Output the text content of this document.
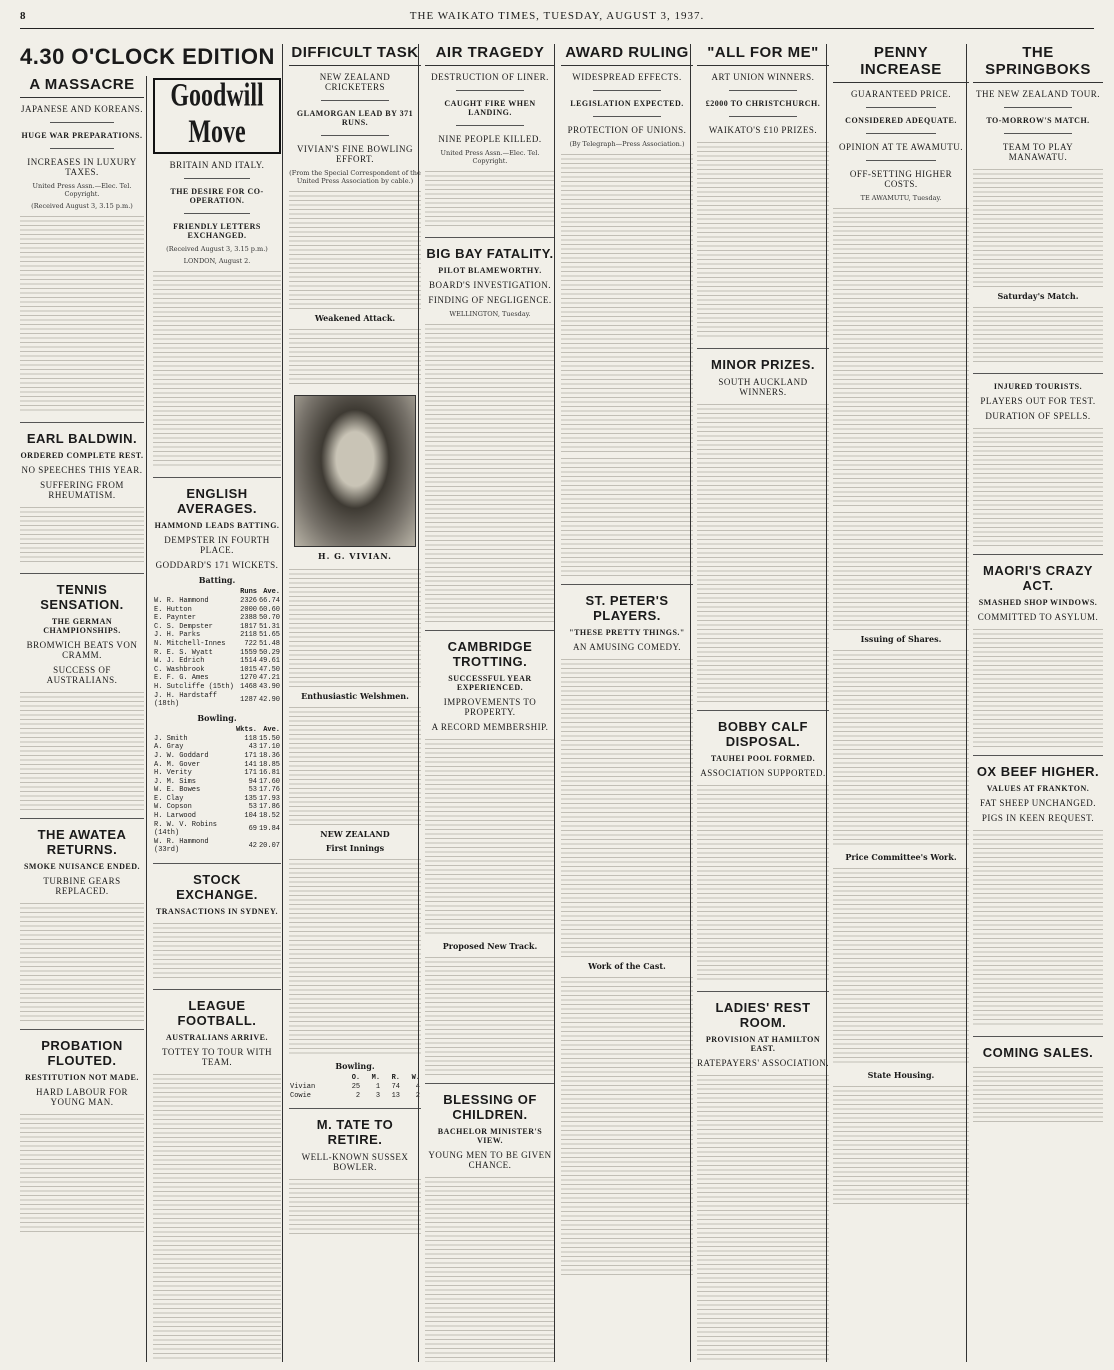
8	THE WAIKATO TIMES, TUESDAY, AUGUST 3, 1937.
4.30 O'CLOCK EDITION
A MASSACRE
JAPANESE AND KOREANS.
HUGE WAR PREPARATIONS.
INCREASES IN LUXURY TAXES.
United Press Assn.—Elec. Tel. Copyright.
(Received August 3, 3.15 p.m.)
EARL BALDWIN.
ORDERED COMPLETE REST.
NO SPEECHES THIS YEAR.
SUFFERING FROM RHEUMATISM.
TENNIS SENSATION.
THE GERMAN CHAMPIONSHIPS.
BROMWICH BEATS VON CRAMM.
SUCCESS OF AUSTRALIANS.
THE AWATEA RETURNS.
SMOKE NUISANCE ENDED.
TURBINE GEARS REPLACED.
PROBATION FLOUTED.
RESTITUTION NOT MADE.
HARD LABOUR FOR YOUNG MAN.
Goodwill Move
BRITAIN AND ITALY.
THE DESIRE FOR CO-OPERATION.
FRIENDLY LETTERS EXCHANGED.
(Received August 3, 3.15 p.m.)
LONDON, August 2.
ENGLISH AVERAGES.
HAMMOND LEADS BATTING.
DEMPSTER IN FOURTH PLACE.
GODDARD'S 171 WICKETS.
Batting.
	Runs	Ave.
W. R. Hammond	2326	66.74
E. Hutton	2000	60.60
E. Paynter	2388	50.70
C. S. Dempster	1817	51.31
J. H. Parks	2118	51.65
N. Mitchell-Innes	722	51.48
R. E. S. Wyatt	1559	50.29
W. J. Edrich	1514	49.61
C. Washbrook	1015	47.50
E. F. G. Ames	1270	47.21
H. Sutcliffe (15th)	1468	43.90
J. H. Hardstaff (18th)	1287	42.90
Bowling.
	Wkts.	Ave.
J. Smith	118	15.50
A. Gray	43	17.10
J. W. Goddard	171	18.36
A. M. Gover	141	18.85
H. Verity	171	16.81
J. M. Sims	94	17.60
W. E. Bowes	53	17.76
E. Clay	135	17.93
W. Copson	53	17.86
H. Larwood	104	18.52
R. W. V. Robins (14th)	69	19.84
W. R. Hammond (33rd)	42	20.07
STOCK EXCHANGE.
TRANSACTIONS IN SYDNEY.
LEAGUE FOOTBALL.
AUSTRALIANS ARRIVE.
TOTTEY TO TOUR WITH TEAM.
DIFFICULT TASK
NEW ZEALAND CRICKETERS
GLAMORGAN LEAD BY 371 RUNS.
VIVIAN'S FINE BOWLING EFFORT.
(From the Special Correspondent of the United Press Association by cable.)
Weakened Attack.
H. G. VIVIAN.
Enthusiastic Welshmen.
NEW ZEALAND
First Innings
Bowling.
	O.	M.	R.	W.
Vivian	25	1	74	4
Cowie	2	3	13	2
M. TATE TO RETIRE.
WELL-KNOWN SUSSEX BOWLER.
AIR TRAGEDY
DESTRUCTION OF LINER.
CAUGHT FIRE WHEN LANDING.
NINE PEOPLE KILLED.
United Press Assn.—Elec. Tel. Copyright.
BIG BAY FATALITY.
PILOT BLAMEWORTHY.
BOARD'S INVESTIGATION.
FINDING OF NEGLIGENCE.
WELLINGTON, Tuesday.
CAMBRIDGE TROTTING.
SUCCESSFUL YEAR EXPERIENCED.
IMPROVEMENTS TO PROPERTY.
A RECORD MEMBERSHIP.
Proposed New Track.
BLESSING OF CHILDREN.
BACHELOR MINISTER'S VIEW.
YOUNG MEN TO BE GIVEN CHANCE.
AWARD RULING
WIDESPREAD EFFECTS.
LEGISLATION EXPECTED.
PROTECTION OF UNIONS.
(By Telegraph—Press Association.)
ST. PETER'S PLAYERS.
"THESE PRETTY THINGS."
AN AMUSING COMEDY.
Work of the Cast.
"ALL FOR ME"
ART UNION WINNERS.
£2000 TO CHRISTCHURCH.
WAIKATO'S £10 PRIZES.
MINOR PRIZES.
SOUTH AUCKLAND WINNERS.
BOBBY CALF DISPOSAL.
TAUHEI POOL FORMED.
ASSOCIATION SUPPORTED.
LADIES' REST ROOM.
PROVISION AT HAMILTON EAST.
RATEPAYERS' ASSOCIATION.
PENNY INCREASE
GUARANTEED PRICE.
CONSIDERED ADEQUATE.
OPINION AT TE AWAMUTU.
OFF-SETTING HIGHER COSTS.
TE AWAMUTU, Tuesday.
Issuing of Shares.
Price Committee's Work.
State Housing.
THE SPRINGBOKS
THE NEW ZEALAND TOUR.
TO-MORROW'S MATCH.
TEAM TO PLAY MANAWATU.
Saturday's Match.
INJURED TOURISTS.
PLAYERS OUT FOR TEST.
DURATION OF SPELLS.
MAORI'S CRAZY ACT.
SMASHED SHOP WINDOWS.
COMMITTED TO ASYLUM.
OX BEEF HIGHER.
VALUES AT FRANKTON.
FAT SHEEP UNCHANGED.
PIGS IN KEEN REQUEST.
COMING SALES.
